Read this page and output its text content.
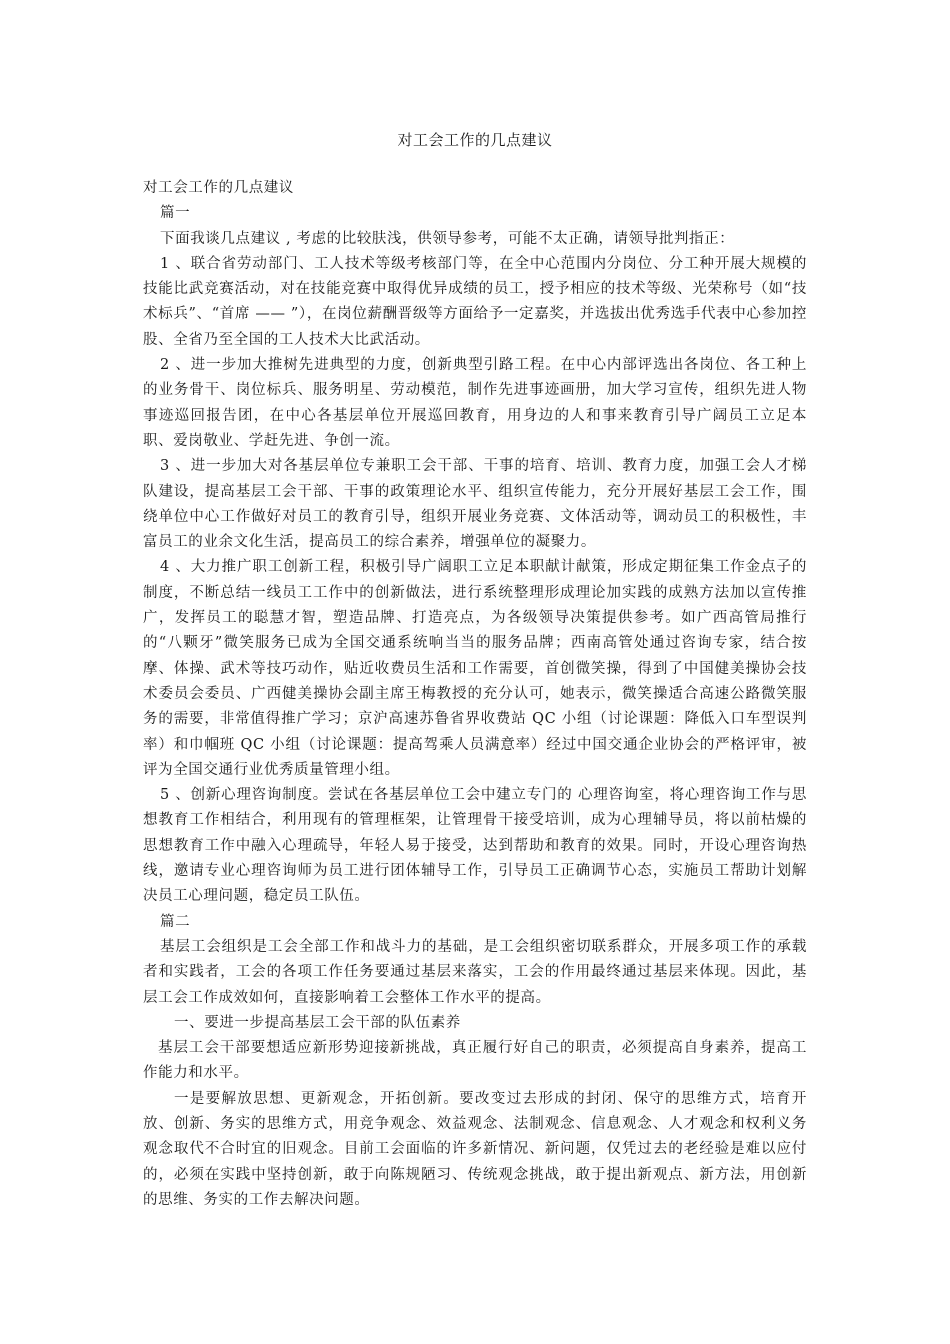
对工会工作的几点建议

对工会工作的几点建议

篇一

下面我谈几点建议 , 考虑的比较肤浅，供领导参考，可能不太正确，请领导批判指正：

1 、联合省劳动部门、工人技术等级考核部门等，在全中心范围内分岗位、分工种开展大规模的技能比武竞赛活动，对在技能竞赛中取得优异成绩的员工，授予相应的技术等级、光荣称号（如“技术标兵”、“首席 —— ”），在岗位薪酬晋级等方面给予一定嘉奖，并选拔出优秀选手代表中心参加控股、全省乃至全国的工人技术大比武活动。

2 、进一步加大推树先进典型的力度，创新典型引路工程。在中心内部评选出各岗位、各工种上的业务骨干、岗位标兵、服务明星、劳动模范，制作先进事迹画册，加大学习宣传，组织先进人物事迹巡回报告团，在中心各基层单位开展巡回教育，用身边的人和事来教育引导广阔员工立足本职、爱岗敬业、学赶先进、争创一流。

3 、进一步加大对各基层单位专兼职工会干部、干事的培育、培训、教育力度，加强工会人才梯队建设，提高基层工会干部、干事的政策理论水平、组织宣传能力，充分开展好基层工会工作，围绕单位中心工作做好对员工的教育引导，组织开展业务竞赛、文体活动等，调动员工的积极性，丰富员工的业余文化生活，提高员工的综合素养，增强单位的凝聚力。

4 、大力推广职工创新工程，积极引导广阔职工立足本职献计献策，形成定期征集工作金点子的制度，不断总结一线员工工作中的创新做法，进行系统整理形成理论加实践的成熟方法加以宣传推广，发挥员工的聪慧才智，塑造品牌、打造亮点，为各级领导决策提供参考。如广西高管局推行的“八颗牙”微笑服务已成为全国交通系统响当当的服务品牌；西南高管处通过咨询专家，结合按摩、体操、武术等技巧动作，贴近收费员生活和工作需要，首创微笑操，得到了中国健美操协会技术委员会委员、广西健美操协会副主席王梅教授的充分认可，她表示，微笑操适合高速公路微笑服务的需要，非常值得推广学习；京沪高速苏鲁省界收费站 QC 小组（讨论课题：降低入口车型误判率）和巾帼班 QC 小组（讨论课题：提高驾乘人员满意率）经过中国交通企业协会的严格评审，被评为全国交通行业优秀质量管理小组。

5 、创新心理咨询制度。尝试在各基层单位工会中建立专门的 心理咨询室，将心理咨询工作与思想教育工作相结合，利用现有的管理框架，让管理骨干接受培训，成为心理辅导员，将以前枯燥的思想教育工作中融入心理疏导，年轻人易于接受，达到帮助和教育的效果。同时，开设心理咨询热线，邀请专业心理咨询师为员工进行团体辅导工作，引导员工正确调节心态，实施员工帮助计划解决员工心理问题，稳定员工队伍。

篇二

基层工会组织是工会全部工作和战斗力的基础，是工会组织密切联系群众，开展多项工作的承载者和实践者，工会的各项工作任务要通过基层来落实，工会的作用最终通过基层来体现。因此，基层工会工作成效如何，直接影响着工会整体工作水平的提高。

一、要进一步提高基层工会干部的队伍素养

基层工会干部要想适应新形势迎接新挑战，真正履行好自己的职责，必须提高自身素养，提高工作能力和水平。

一是要解放思想、更新观念，开拓创新。要改变过去形成的封闭、保守的思维方式，培育开放、创新、务实的思维方式，用竞争观念、效益观念、法制观念、信息观念、人才观念和权利义务观念取代不合时宜的旧观念。目前工会面临的许多新情况、新问题，仅凭过去的老经验是难以应付的，必须在实践中坚持创新，敢于向陈规陋习、传统观念挑战，敢于提出新观点、新方法，用创新的思维、务实的工作去解决问题。
